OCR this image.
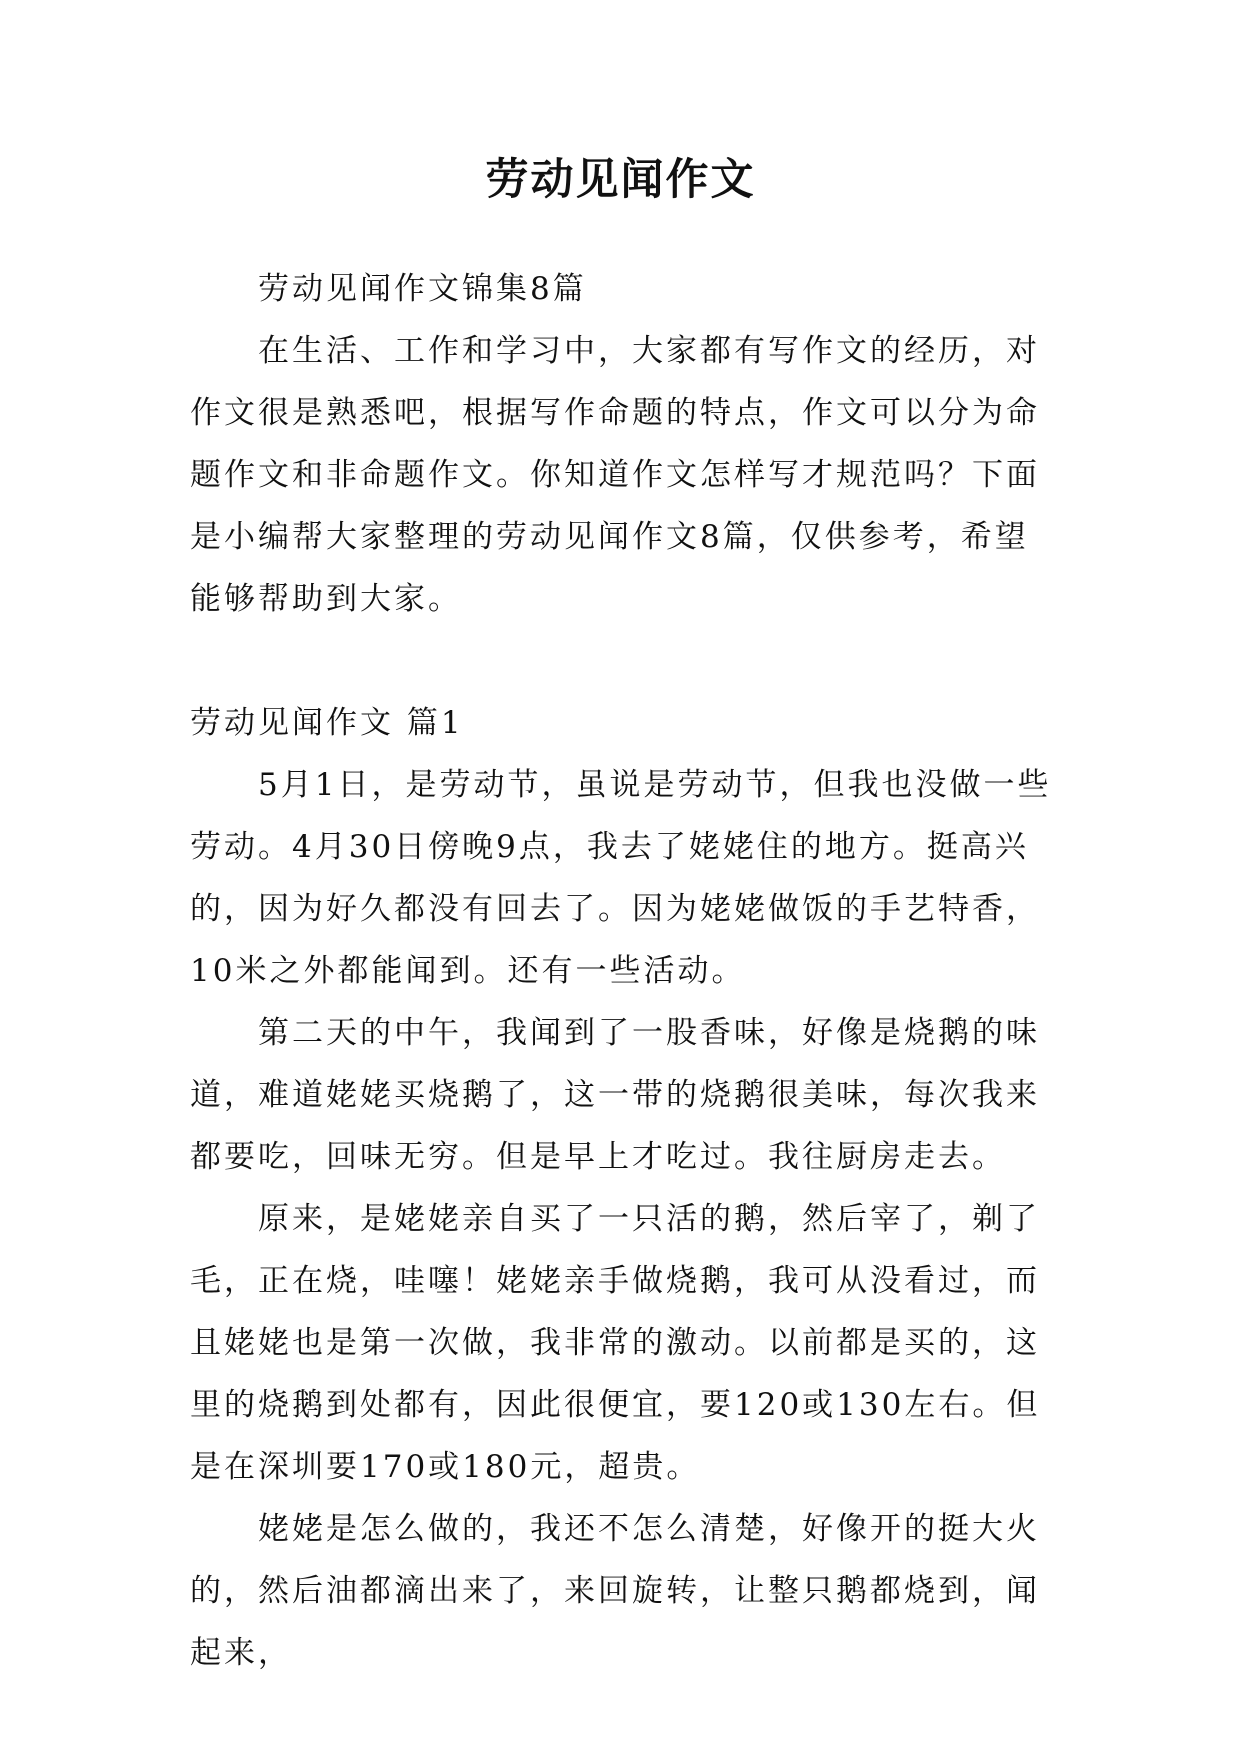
劳动见闻作文

劳动见闻作文锦集8篇

在生活、工作和学习中，大家都有写作文的经历，对作文很是熟悉吧，根据写作命题的特点，作文可以分为命题作文和非命题作文。你知道作文怎样写才规范吗？下面是小编帮大家整理的劳动见闻作文8篇，仅供参考，希望能够帮助到大家。

劳动见闻作文 篇1

5月1日，是劳动节，虽说是劳动节，但我也没做一些劳动。4月30日傍晚9点，我去了姥姥住的地方。挺高兴的，因为好久都没有回去了。因为姥姥做饭的手艺特香，10米之外都能闻到。还有一些活动。

第二天的中午，我闻到了一股香味，好像是烧鹅的味道，难道姥姥买烧鹅了，这一带的烧鹅很美味，每次我来都要吃，回味无穷。但是早上才吃过。我往厨房走去。

原来，是姥姥亲自买了一只活的鹅，然后宰了，剃了毛，正在烧，哇噻！姥姥亲手做烧鹅，我可从没看过，而且姥姥也是第一次做，我非常的激动。以前都是买的，这里的烧鹅到处都有，因此很便宜，要120或130左右。但是在深圳要170或180元，超贵。

姥姥是怎么做的，我还不怎么清楚，好像开的挺大火的，然后油都滴出来了，来回旋转，让整只鹅都烧到，闻起来，
